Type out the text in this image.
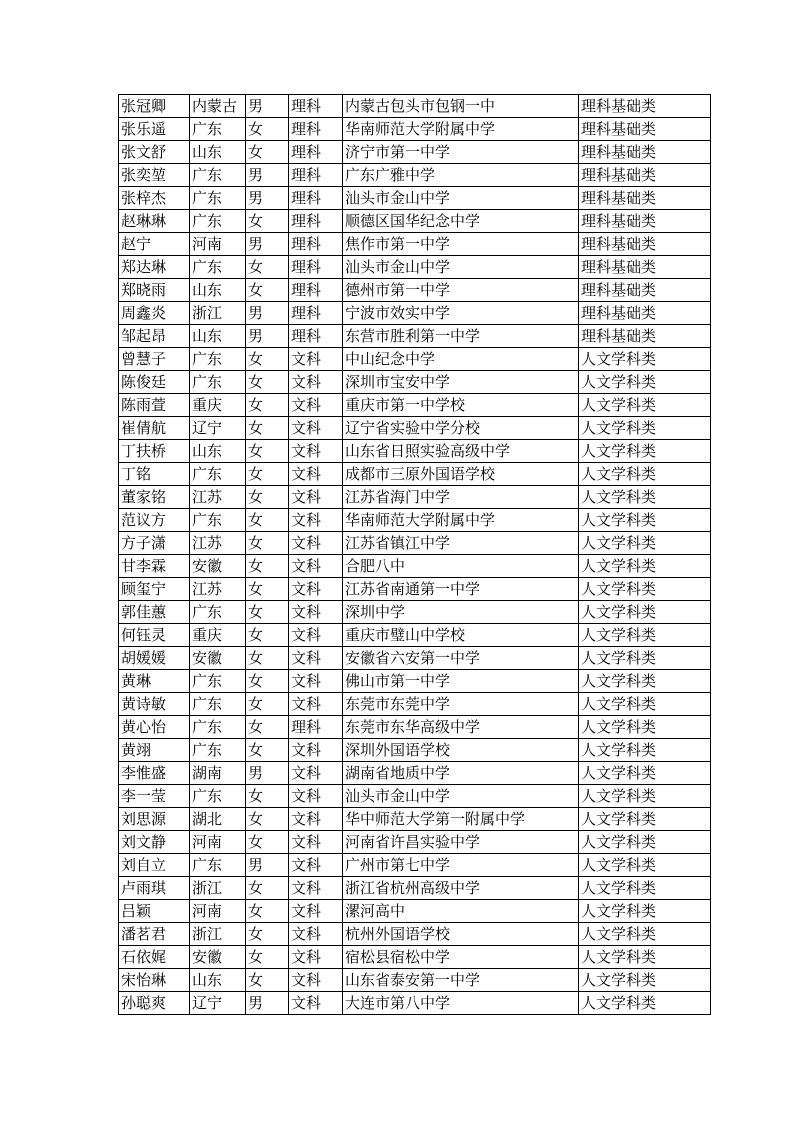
张冠卿	内蒙古	男	理科	内蒙古包头市包钢一中	理科基础类
张乐遥	广东	女	理科	华南师范大学附属中学	理科基础类
张文舒	山东	女	理科	济宁市第一中学	理科基础类
张奕堃	广东	男	理科	广东广雅中学	理科基础类
张梓杰	广东	男	理科	汕头市金山中学	理科基础类
赵琳琳	广东	女	理科	顺德区国华纪念中学	理科基础类
赵宁	河南	男	理科	焦作市第一中学	理科基础类
郑达琳	广东	女	理科	汕头市金山中学	理科基础类
郑晓雨	山东	女	理科	德州市第一中学	理科基础类
周鑫炎	浙江	男	理科	宁波市效实中学	理科基础类
邹起昂	山东	男	理科	东营市胜利第一中学	理科基础类
曾慧子	广东	女	文科	中山纪念中学	人文学科类
陈俊廷	广东	女	文科	深圳市宝安中学	人文学科类
陈雨萱	重庆	女	文科	重庆市第一中学校	人文学科类
崔倩航	辽宁	女	文科	辽宁省实验中学分校	人文学科类
丁扶桥	山东	女	文科	山东省日照实验高级中学	人文学科类
丁铭	广东	女	文科	成都市三原外国语学校	人文学科类
董家铭	江苏	女	文科	江苏省海门中学	人文学科类
范议方	广东	女	文科	华南师范大学附属中学	人文学科类
方子潇	江苏	女	文科	江苏省镇江中学	人文学科类
甘李霖	安徽	女	文科	合肥八中	人文学科类
顾玺宁	江苏	女	文科	江苏省南通第一中学	人文学科类
郭佳蕙	广东	女	文科	深圳中学	人文学科类
何钰灵	重庆	女	文科	重庆市璧山中学校	人文学科类
胡媛媛	安徽	女	文科	安徽省六安第一中学	人文学科类
黄琳	广东	女	文科	佛山市第一中学	人文学科类
黄诗敏	广东	女	文科	东莞市东莞中学	人文学科类
黄心怡	广东	女	理科	东莞市东华高级中学	人文学科类
黄翊	广东	女	文科	深圳外国语学校	人文学科类
李惟盛	湖南	男	文科	湖南省地质中学	人文学科类
李一莹	广东	女	文科	汕头市金山中学	人文学科类
刘思源	湖北	女	文科	华中师范大学第一附属中学	人文学科类
刘文静	河南	女	文科	河南省许昌实验中学	人文学科类
刘自立	广东	男	文科	广州市第七中学	人文学科类
卢雨琪	浙江	女	文科	浙江省杭州高级中学	人文学科类
吕颖	河南	女	文科	漯河高中	人文学科类
潘茗君	浙江	女	文科	杭州外国语学校	人文学科类
石依娓	安徽	女	文科	宿松县宿松中学	人文学科类
宋怡琳	山东	女	文科	山东省泰安第一中学	人文学科类
孙聪爽	辽宁	男	文科	大连市第八中学	人文学科类
